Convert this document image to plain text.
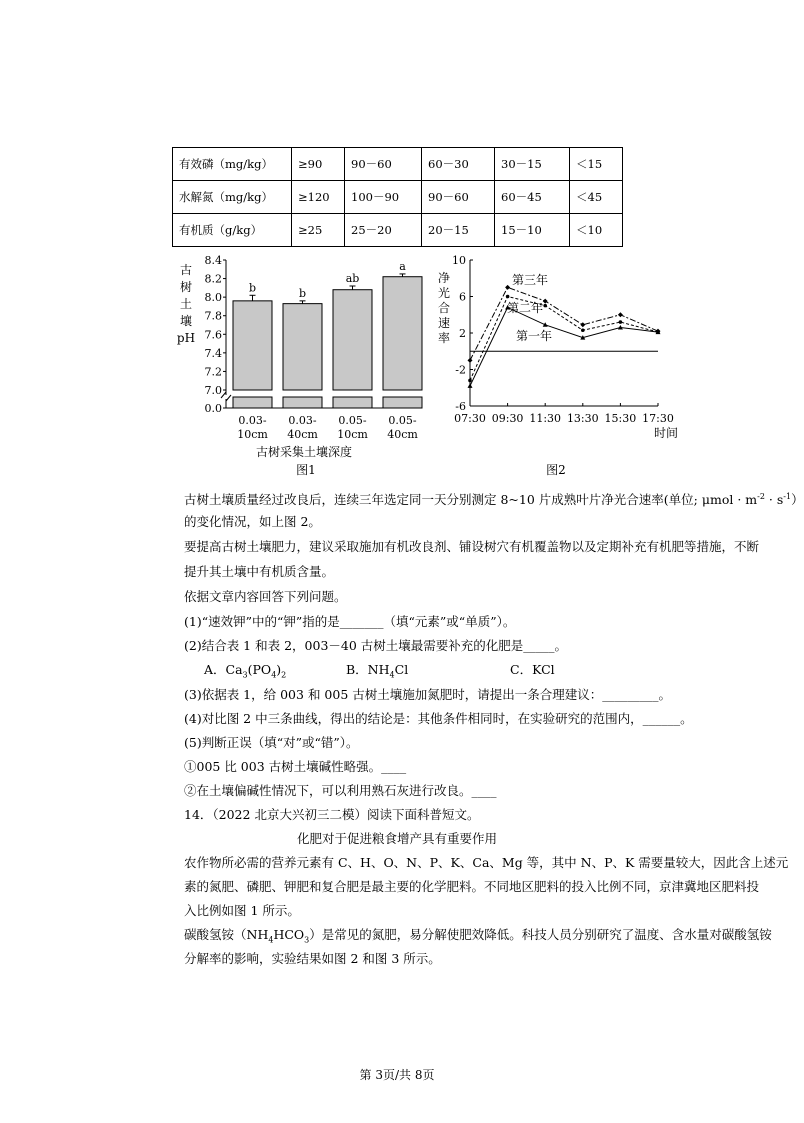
有效磷（mg/kg）	≥90	90－60	60－30	30－15	＜15
水解氮（mg/kg）	≥120	100－90	90－60	60－45	＜45
有机质（g/kg）	≥25	25－20	20－15	15－10	＜10
古
树
土
壤
pH
8.4
8.2
8.0
7.8
7.6
7.4
7.2
7.0
0.0
b	b
ab
a
0.03-
10cm
0.03-
40cm
0.05-
10cm
0.05-
40cm
古树采集土壤深度
图1
净
光
合
速
率
10
6
2
-2
-6
07:30 09:30 11:30 13:30 15:30 17:30
第一年
第二年
第三年
时间
图2
古树土壤质量经过改良后，连续三年选定同一天分别测定 8~10 片成熟叶片净光合速率(单位; $\mu mol \cdot m^{-2} \cdot s^{-1}$）
的变化情况，如上图 2。
要提高古树土壤肥力，建议采取施加有机改良剂、铺设树穴有机覆盖物以及定期补充有机肥等措施，不断
提升其土壤中有机质含量。
依据文章内容回答下列问题。
(1)“速效钾”中的“钾”指的是_______（填“元素”或“单质”）。
(2)结合表 1 和表 2，003－40 古树土壤最需要补充的化肥是_____。
A．$Ca_3(PO_4)_2$	B．$NH_4Cl$	C．KCl
(3)依据表 1，给 003 和 005 古树土壤施加氮肥时，请提出一条合理建议：_________。
(4)对比图 2 中三条曲线，得出的结论是：其他条件相同时，在实验研究的范围内，______。
(5)判断正误（填“对”或“错”）。
①005 比 003 古树土壤碱性略强。____
②在土壤偏碱性情况下，可以利用熟石灰进行改良。____
14．（2022 北京大兴初三二模）阅读下面科普短文。
化肥对于促进粮食增产具有重要作用
农作物所必需的营养元素有 C、H、O、N、P、K、Ca、Mg 等，其中 N、P、K 需要量较大，因此含上述元
素的氮肥、磷肥、钾肥和复合肥是最主要的化学肥料。不同地区肥料的投入比例不同，京津冀地区肥料投
入比例如图 1 所示。
碳酸氢铵$(NH_4HCO_3)$是常见的氮肥，易分解使肥效降低。科技人员分别研究了温度、含水量对碳酸氢铵
分解率的影响，实验结果如图 2 和图 3 所示。
第 3页/共 8页
